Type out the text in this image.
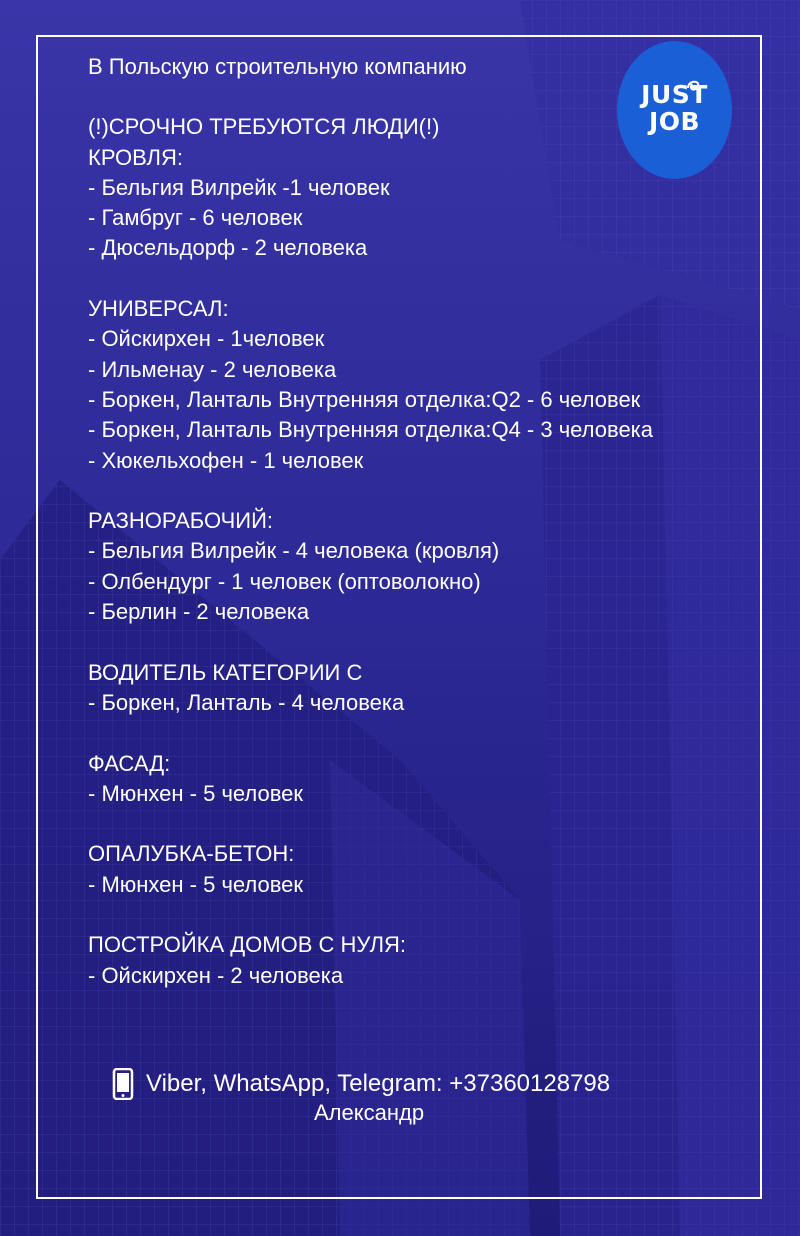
JUST
JOB
В Польскую строительную компанию
(!)СРОЧНО ТРЕБУЮТСЯ ЛЮДИ(!)
КРОВЛЯ:
- Бельгия Вилрейк -1 человек
- Гамбруг - 6 человек
- Дюсельдорф - 2 человека
УНИВЕРСАЛ:
- Ойскирхен - 1человек
- Ильменау - 2 человека
- Боркен, Ланталь Внутренняя отделка:Q2 - 6 человек
- Боркен, Ланталь Внутренняя отделка:Q4 - 3 человека
- Хюкельхофен - 1 человек
РАЗНОРАБОЧИЙ:
- Бельгия Вилрейк - 4 человека (кровля)
- Олбендург - 1 человек (оптоволокно)
- Берлин - 2 человека
ВОДИТЕЛЬ КАТЕГОРИИ С
- Боркен, Ланталь - 4 человека
ФАСАД:
- Мюнхен - 5 человек
ОПАЛУБКА-БЕТОН:
- Мюнхен - 5 человек
ПОСТРОЙКА ДОМОВ С НУЛЯ:
- Ойскирхен - 2 человека
Viber, WhatsApp, Telegram: +37360128798
Александр
